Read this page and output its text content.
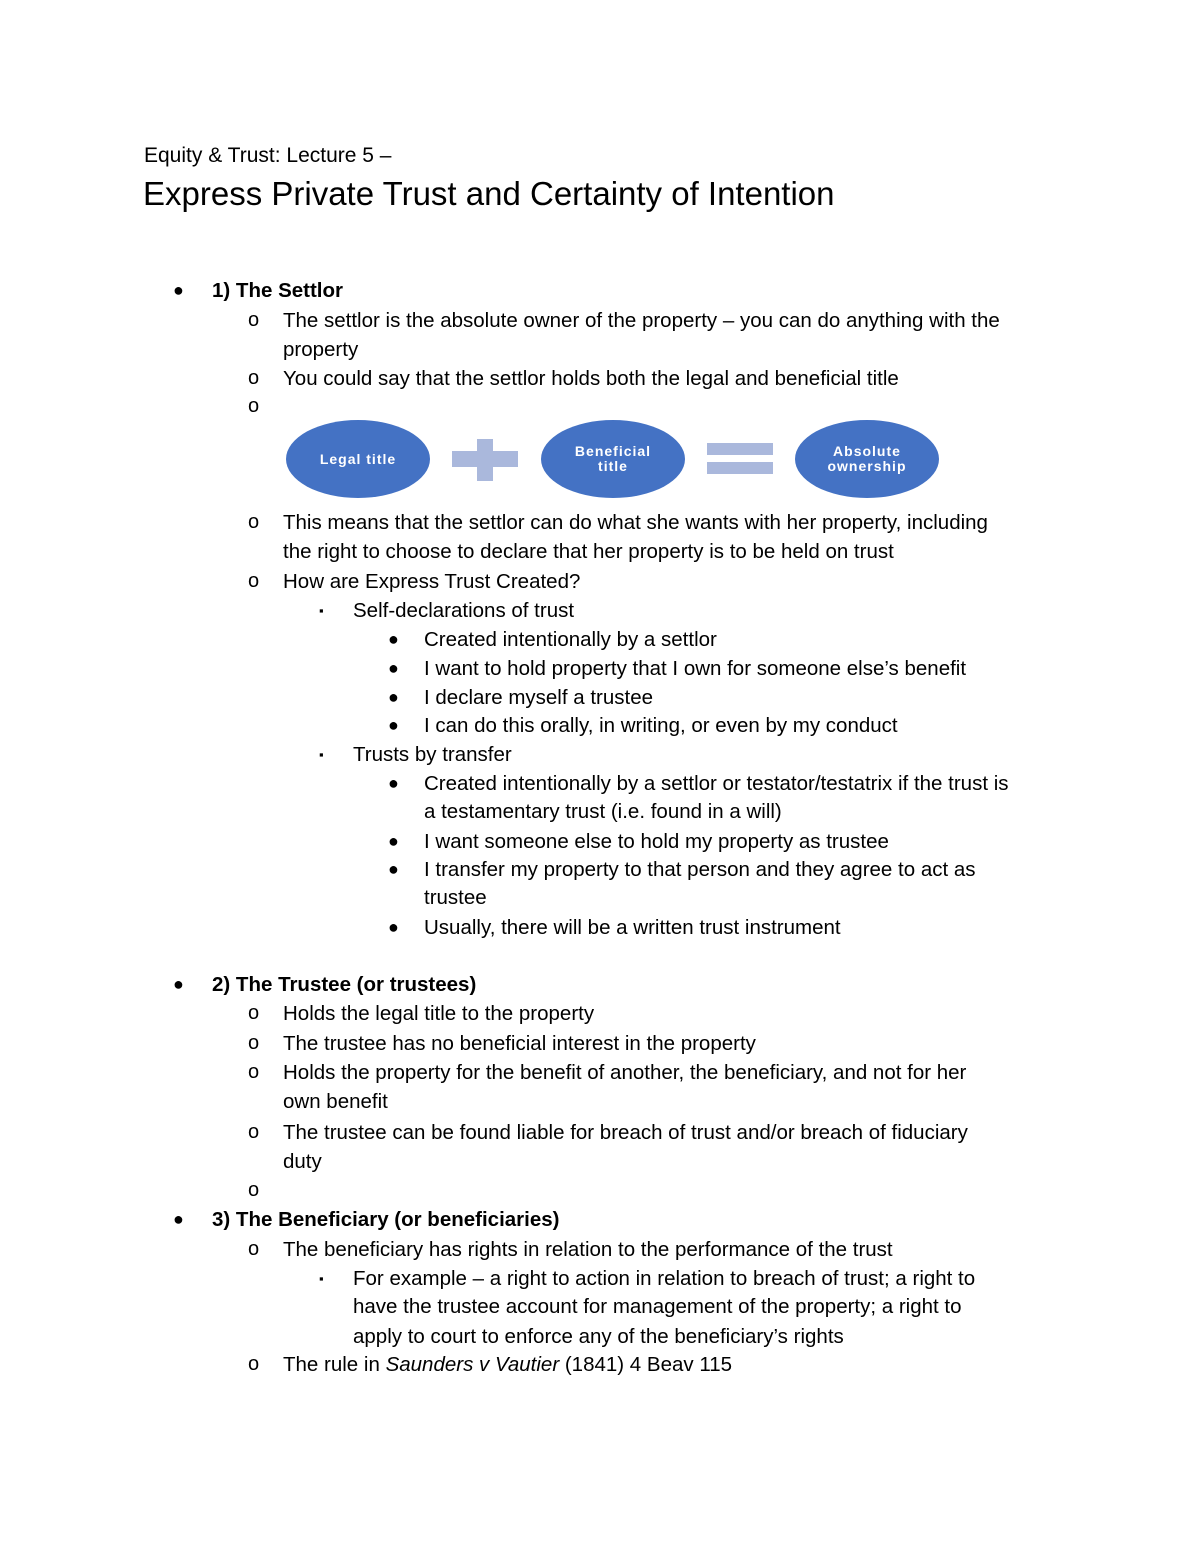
Equity & Trust: Lecture 5 –
Express Private Trust and Certainty of Intention
● 1) The Settlor
o The settlor is the absolute owner of the property – you can do anything with the
property
o You could say that the settlor holds both the legal and beneficial title
o
Legal title	Beneficial
title
Absolute
ownership
o This means that the settlor can do what she wants with her property, including
the right to choose to declare that her property is to be held on trust
o How are Express Trust Created?
▪ Self-declarations of trust
● Created intentionally by a settlor
● I want to hold property that I own for someone else’s benefit
● I declare myself a trustee
● I can do this orally, in writing, or even by my conduct
▪ Trusts by transfer
● Created intentionally by a settlor or testator/testatrix if the trust is
a testamentary trust (i.e. found in a will)
● I want someone else to hold my property as trustee
● I transfer my property to that person and they agree to act as
trustee
● Usually, there will be a written trust instrument
● 2) The Trustee (or trustees)
o Holds the legal title to the property
o The trustee has no beneficial interest in the property
o Holds the property for the benefit of another, the beneficiary, and not for her
own benefit
o The trustee can be found liable for breach of trust and/or breach of fiduciary
duty
o
● 3) The Beneficiary (or beneficiaries)
o The beneficiary has rights in relation to the performance of the trust
▪ For example – a right to action in relation to breach of trust; a right to
have the trustee account for management of the property; a right to
apply to court to enforce any of the beneficiary’s rights
o The rule in Saunders v Vautier (1841) 4 Beav 115
